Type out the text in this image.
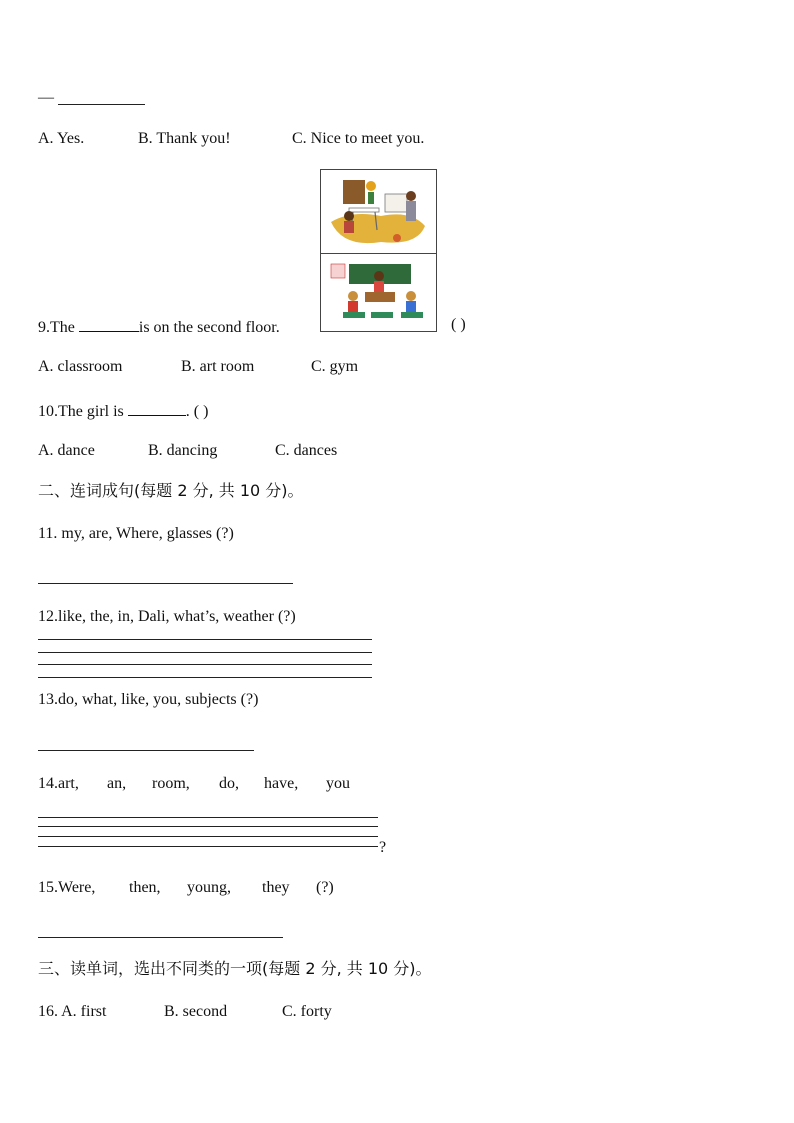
—
A. Yes.	B. Thank you!	C. Nice to meet you.
9.The	is on the second floor.	( )
A. classroom	B. art room	C. gym
10.The girl is	. ( )
A. dance	B. dancing	C. dances
二、连词成句(每题 2 分, 共 10 分)。
11. my, are, Where, glasses (?)
12.like, the, in, Dali, what’s, weather (?)
13.do, what, like, you, subjects (?)
14.art, an, room, do, have, you
?
15.Were, then, young, they (?)
三、读单词，选出不同类的一项(每题 2 分, 共 10 分)。
16. A. first	B. second	C. forty
